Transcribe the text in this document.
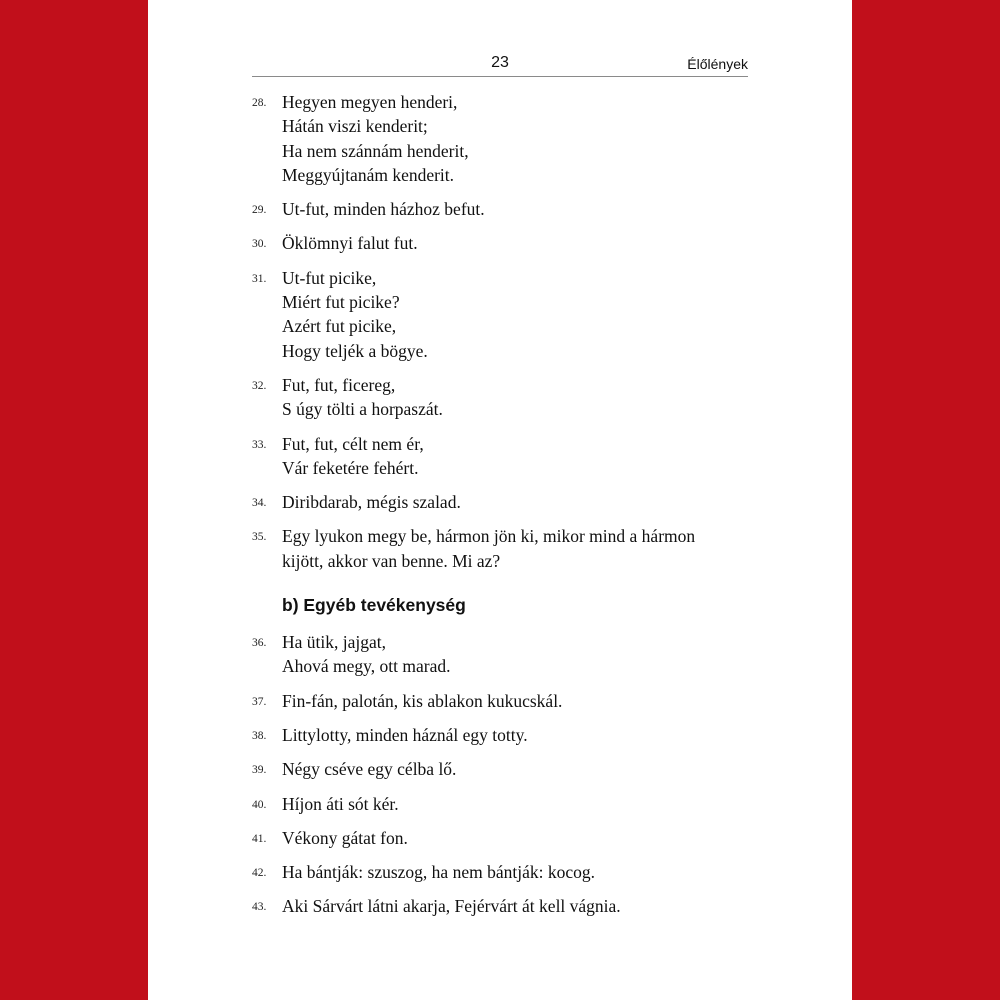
23	Élőlények
28. Hegyen megyen henderi,
Hátán viszi kenderit;
Ha nem szánnám henderit,
Meggyújtanám kenderit.
29. Ut-fut, minden házhoz befut.
30. Öklömnyi falut fut.
31. Ut-fut picike,
Miért fut picike?
Azért fut picike,
Hogy teljék a bögye.
32. Fut, fut, ficereg,
S úgy tölti a horpaszát.
33. Fut, fut, célt nem ér,
Vár feketére fehért.
34. Diribdarab, mégis szalad.
35. Egy lyukon megy be, hármon jön ki, mikor mind a hármon
kijött, akkor van benne. Mi az?
b) Egyéb tevékenység
36. Ha ütik, jajgat,
Ahová megy, ott marad.
37. Fin-fán, palotán, kis ablakon kukucskál.
38. Littylotty, minden háznál egy totty.
39. Négy cséve egy célba lő.
40. Híjon áti sót kér.
41. Vékony gátat fon.
42. Ha bántják: szuszog, ha nem bántják: kocog.
43. Aki Sárvárt látni akarja, Fejérvárt át kell vágnia.
